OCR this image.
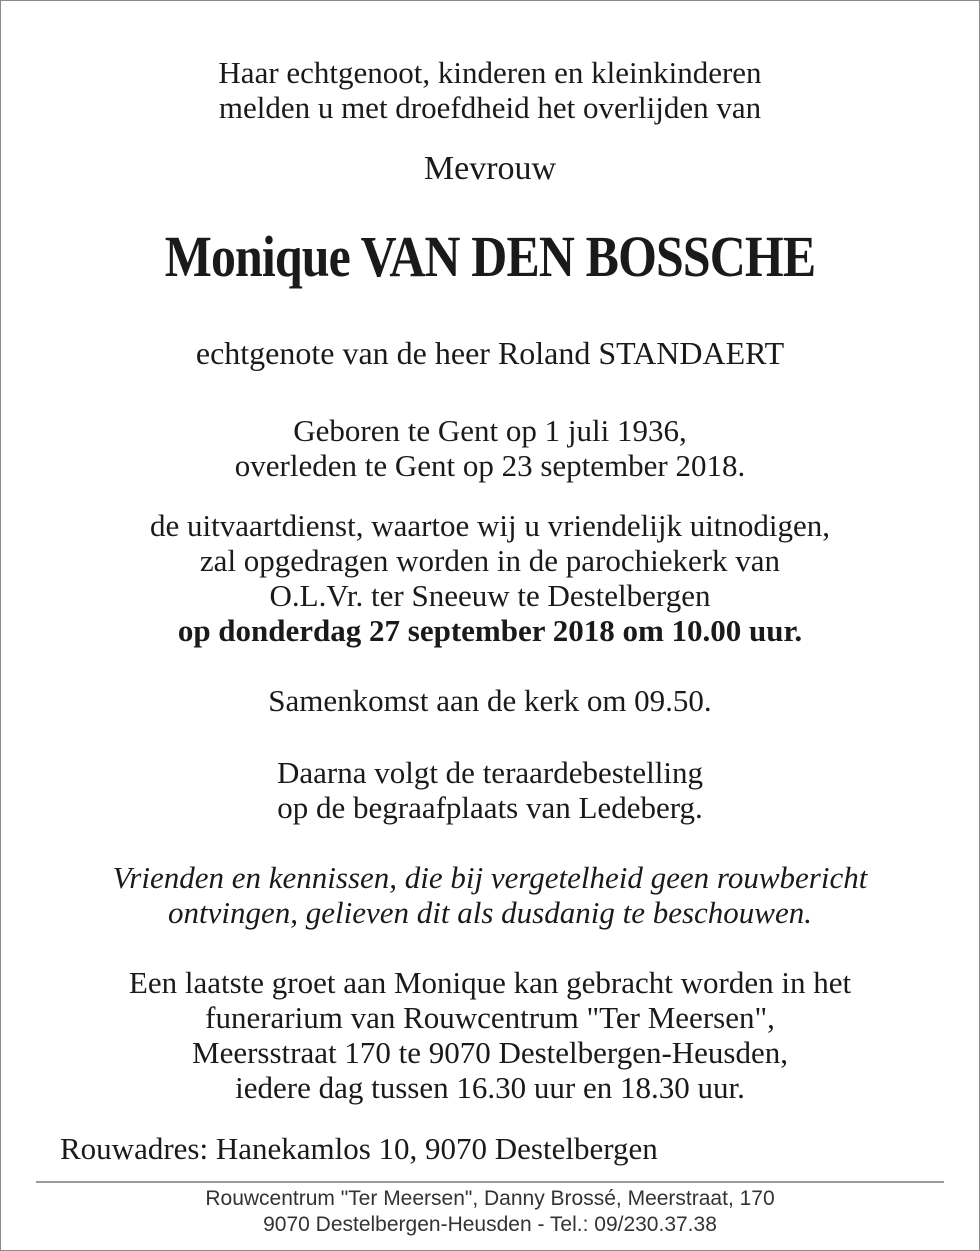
Haar echtgenoot, kinderen en kleinkinderen
melden u met droefdheid het overlijden van
Mevrouw
Monique VAN DEN BOSSCHE
echtgenote van de heer Roland STANDAERT
Geboren te Gent op 1 juli 1936,
overleden te Gent op 23 september 2018.
de uitvaartdienst, waartoe wij u vriendelijk uitnodigen,
zal opgedragen worden in de parochiekerk van
O.L.Vr. ter Sneeuw te Destelbergen
op donderdag 27 september 2018 om 10.00 uur.
Samenkomst aan de kerk om 09.50.
Daarna volgt de teraardebestelling
op de begraafplaats van Ledeberg.
Vrienden en kennissen, die bij vergetelheid geen rouwbericht
ontvingen, gelieven dit als dusdanig te beschouwen.
Een laatste groet aan Monique kan gebracht worden in het
funerarium van Rouwcentrum "Ter Meersen",
Meersstraat 170 te 9070 Destelbergen-Heusden,
iedere dag tussen 16.30 uur en 18.30 uur.
Rouwadres: Hanekamlos 10, 9070 Destelbergen
Rouwcentrum "Ter Meersen", Danny Brossé, Meerstraat, 170
9070 Destelbergen-Heusden - Tel.: 09/230.37.38
